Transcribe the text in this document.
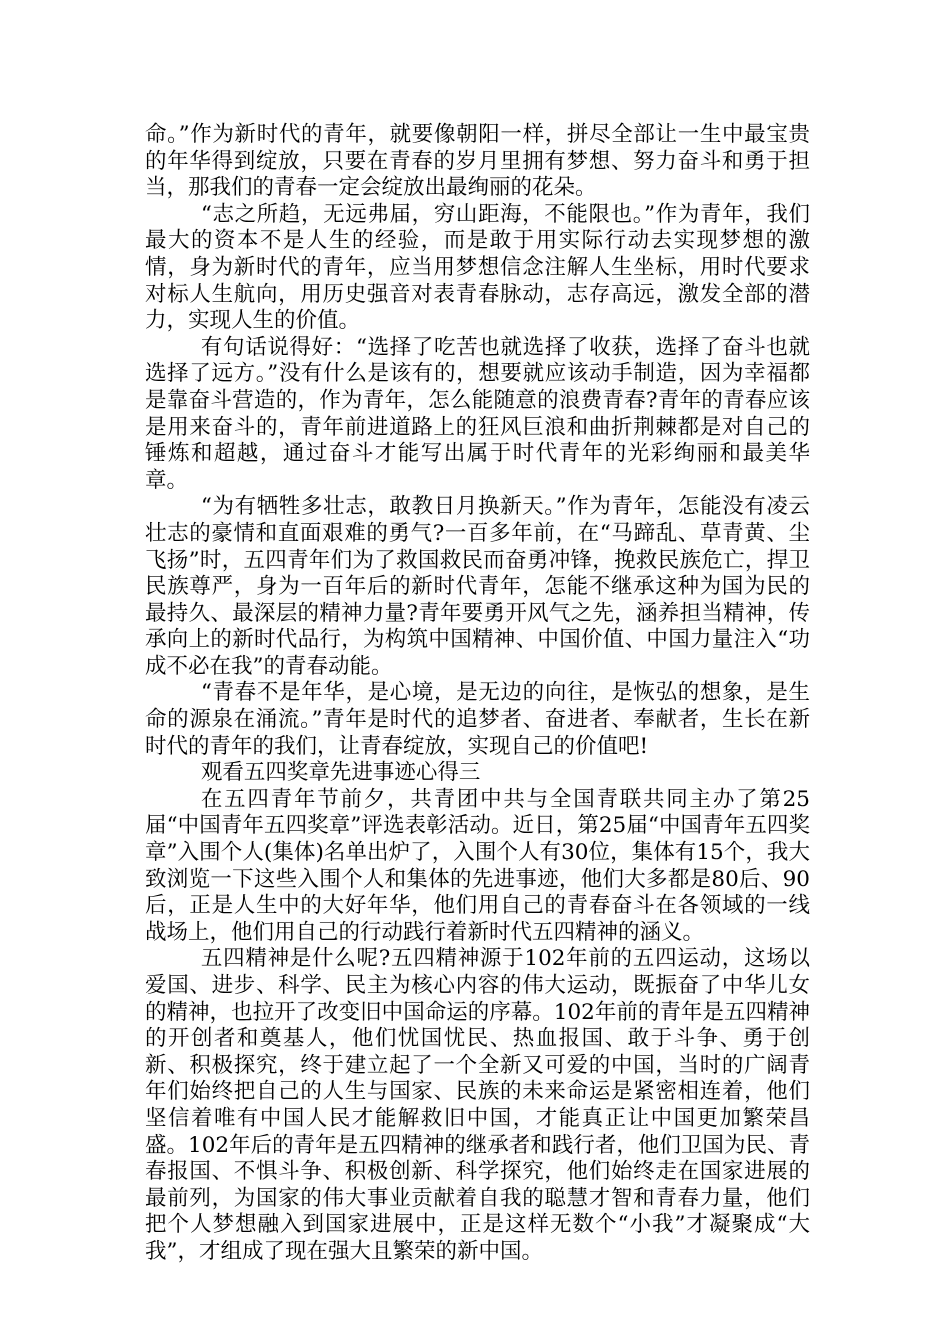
命。”作为新时代的青年，就要像朝阳一样，拼尽全部让一生中最宝贵的年华得到绽放，只要在青春的岁月里拥有梦想、努力奋斗和勇于担当，那我们的青春一定会绽放出最绚丽的花朵。

“志之所趋，无远弗届，穷山距海，不能限也。”作为青年，我们最大的资本不是人生的经验，而是敢于用实际行动去实现梦想的激情，身为新时代的青年，应当用梦想信念注解人生坐标，用时代要求对标人生航向，用历史强音对表青春脉动，志存高远，激发全部的潜力，实现人生的价值。

有句话说得好：“选择了吃苦也就选择了收获，选择了奋斗也就选择了远方。”没有什么是该有的，想要就应该动手制造，因为幸福都是靠奋斗营造的，作为青年，怎么能随意的浪费青春?青年的青春应该是用来奋斗的，青年前进道路上的狂风巨浪和曲折荆棘都是对自己的锤炼和超越，通过奋斗才能写出属于时代青年的光彩绚丽和最美华章。

“为有牺牲多壮志，敢教日月换新天。”作为青年，怎能没有凌云壮志的豪情和直面艰难的勇气?一百多年前，在“马蹄乱、草青黄、尘飞扬”时，五四青年们为了救国救民而奋勇冲锋，挽救民族危亡，捍卫民族尊严，身为一百年后的新时代青年，怎能不继承这种为国为民的最持久、最深层的精神力量?青年要勇开风气之先，涵养担当精神，传承向上的新时代品行，为构筑中国精神、中国价值、中国力量注入“功成不必在我”的青春动能。

“青春不是年华，是心境，是无边的向往，是恢弘的想象，是生命的源泉在涌流。”青年是时代的追梦者、奋进者、奉献者，生长在新时代的青年的我们，让青春绽放，实现自己的价值吧!

观看五四奖章先进事迹心得三

在五四青年节前夕，共青团中共与全国青联共同主办了第25届“中国青年五四奖章”评选表彰活动。近日，第25届“中国青年五四奖章”入围个人(集体)名单出炉了，入围个人有30位，集体有15个，我大致浏览一下这些入围个人和集体的先进事迹，他们大多都是80后、90后，正是人生中的大好年华，他们用自己的青春奋斗在各领域的一线战场上，他们用自己的行动践行着新时代五四精神的涵义。

五四精神是什么呢?五四精神源于102年前的五四运动，这场以爱国、进步、科学、民主为核心内容的伟大运动，既振奋了中华儿女的精神，也拉开了改变旧中国命运的序幕。102年前的青年是五四精神的开创者和奠基人，他们忧国忧民、热血报国、敢于斗争、勇于创新、积极探究，终于建立起了一个全新又可爱的中国，当时的广阔青年们始终把自己的人生与国家、民族的未来命运是紧密相连着，他们坚信着唯有中国人民才能解救旧中国，才能真正让中国更加繁荣昌盛。102年后的青年是五四精神的继承者和践行者，他们卫国为民、青春报国、不惧斗争、积极创新、科学探究，他们始终走在国家进展的最前列，为国家的伟大事业贡献着自我的聪慧才智和青春力量，他们把个人梦想融入到国家进展中，正是这样无数个“小我”才凝聚成“大我”，才组成了现在强大且繁荣的新中国。
